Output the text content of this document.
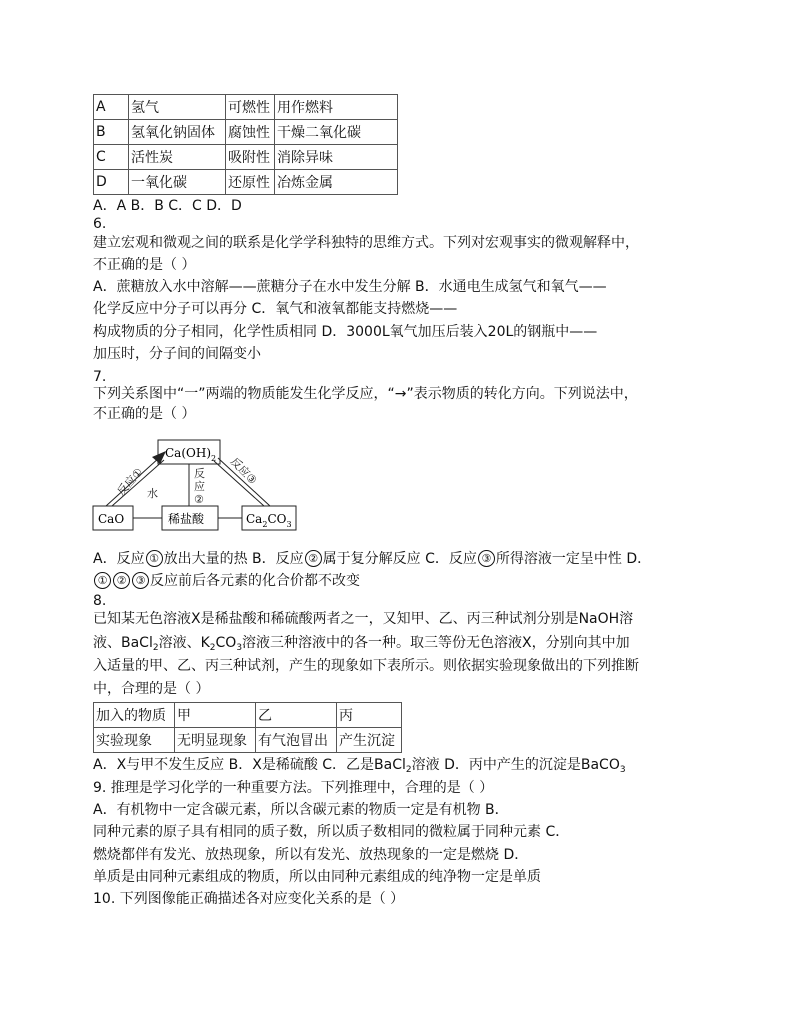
A	氢气	可燃性	用作燃料
B	氢氧化钠固体	腐蚀性	干燥二氧化碳
C	活性炭	吸附性	消除异味
D	一氧化碳	还原性	冶炼金属
A．A B．B C．C D．D
6.
建立宏观和微观之间的联系是化学学科独特的思维方式。下列对宏观事实的微观解释中，
不正确的是（ ）
A．蔗糖放入水中溶解——蔗糖分子在水中发生分解 B．水通电生成氢气和氧气——
化学反应中分子可以再分 C．氧气和液氧都能支持燃烧——
构成物质的分子相同，化学性质相同 D．3000L氧气加压后装入20L的钢瓶中——
加压时，分子间的间隔变小
7.
下列关系图中“一”两端的物质能发生化学反应，“→”表示物质的转化方向。下列说法中，
不正确的是（ ）
$Ca(OH)_2$
CaO	稀盐酸	$Ca_2CO_3$
反应① 水
反
应
②
反应③
A．反应 ① 放出大量的热 B．反应 ② 属于复分解反应 C．反应 ③ 所得溶液一定呈中性 D．
① ② ③ 反应前后各元素的化合价都不改变
8.
已知某无色溶液X是稀盐酸和稀硫酸两者之一，又知甲、乙、丙三种试剂分别是NaOH溶
液、BaCl$_2$溶液、$K_2CO_3$溶液三种溶液中的各一种。取三等份无色溶液X，分别向其中加
入适量的甲、乙、丙三种试剂，产生的现象如下表所示。则依据实验现象做出的下列推断
中，合理的是（ ）
加入的物质	甲	乙	丙
实验现象	无明显现象	有气泡冒出	产生沉淀
A．X与甲不发生反应 B．X是稀硫酸 C．乙是BaCl$_2$溶液 D．丙中产生的沉淀是BaCO$_3$
9. 推理是学习化学的一种重要方法。下列推理中，合理的是（ ）
A．有机物中一定含碳元素，所以含碳元素的物质一定是有机物 B．
同种元素的原子具有相同的质子数，所以质子数相同的微粒属于同种元素 C．
燃烧都伴有发光、放热现象，所以有发光、放热现象的一定是燃烧 D．
单质是由同种元素组成的物质，所以由同种元素组成的纯净物一定是单质
10. 下列图像能正确描述各对应变化关系的是（ ）
